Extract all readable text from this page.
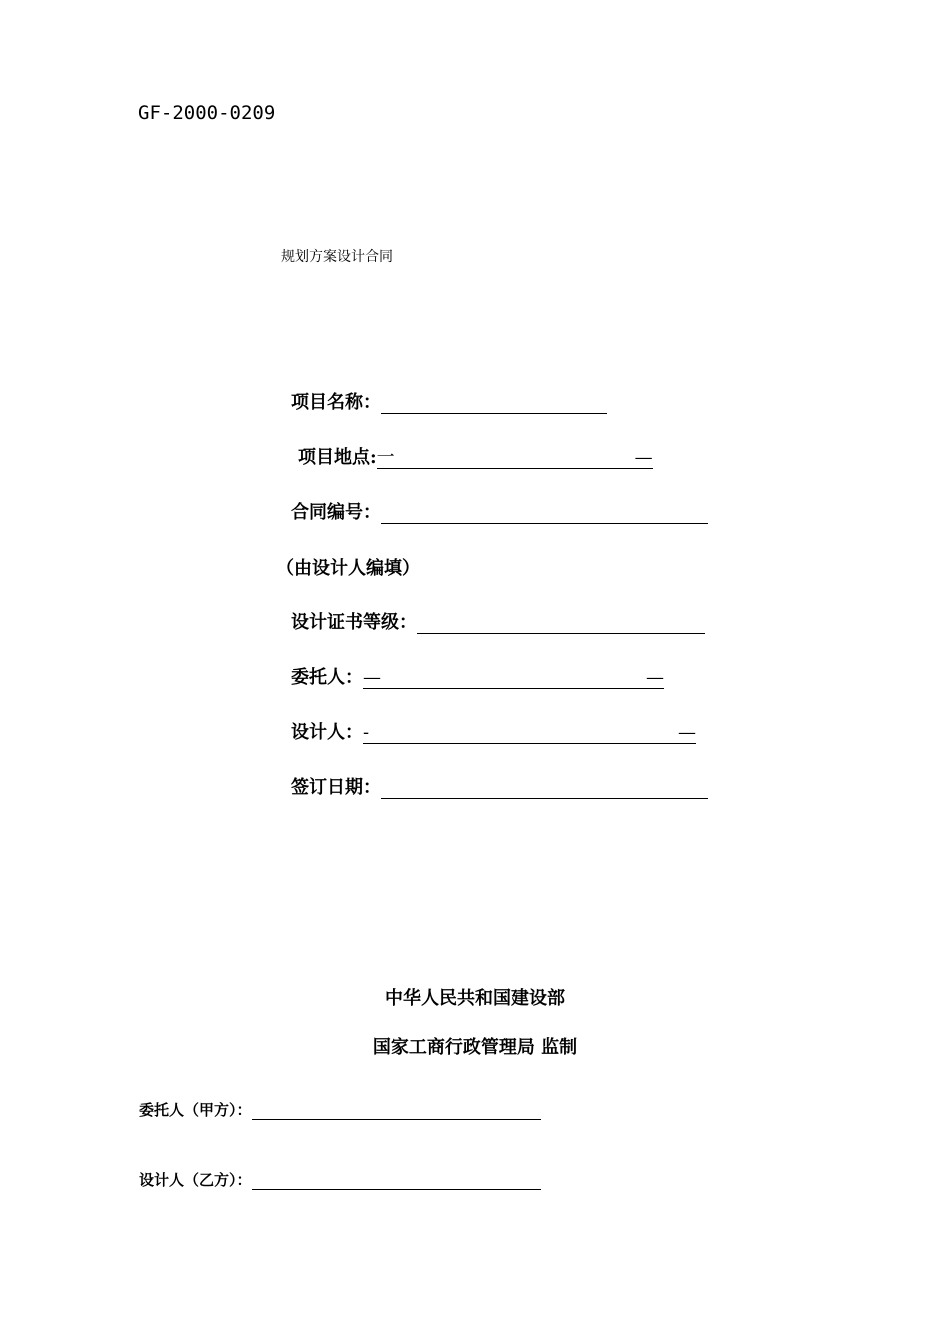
GF-2000-0209
规划方案设计合同
项目名称：
项目地点: 一	—
合同编号：
（由设计人编填）
设计证书等级：
委托人： —	—
设计人： -	—
签订日期：
中华人民共和国建设部
国家工商行政管理局 监制
委托人（甲方）：
设计人（乙方）：
